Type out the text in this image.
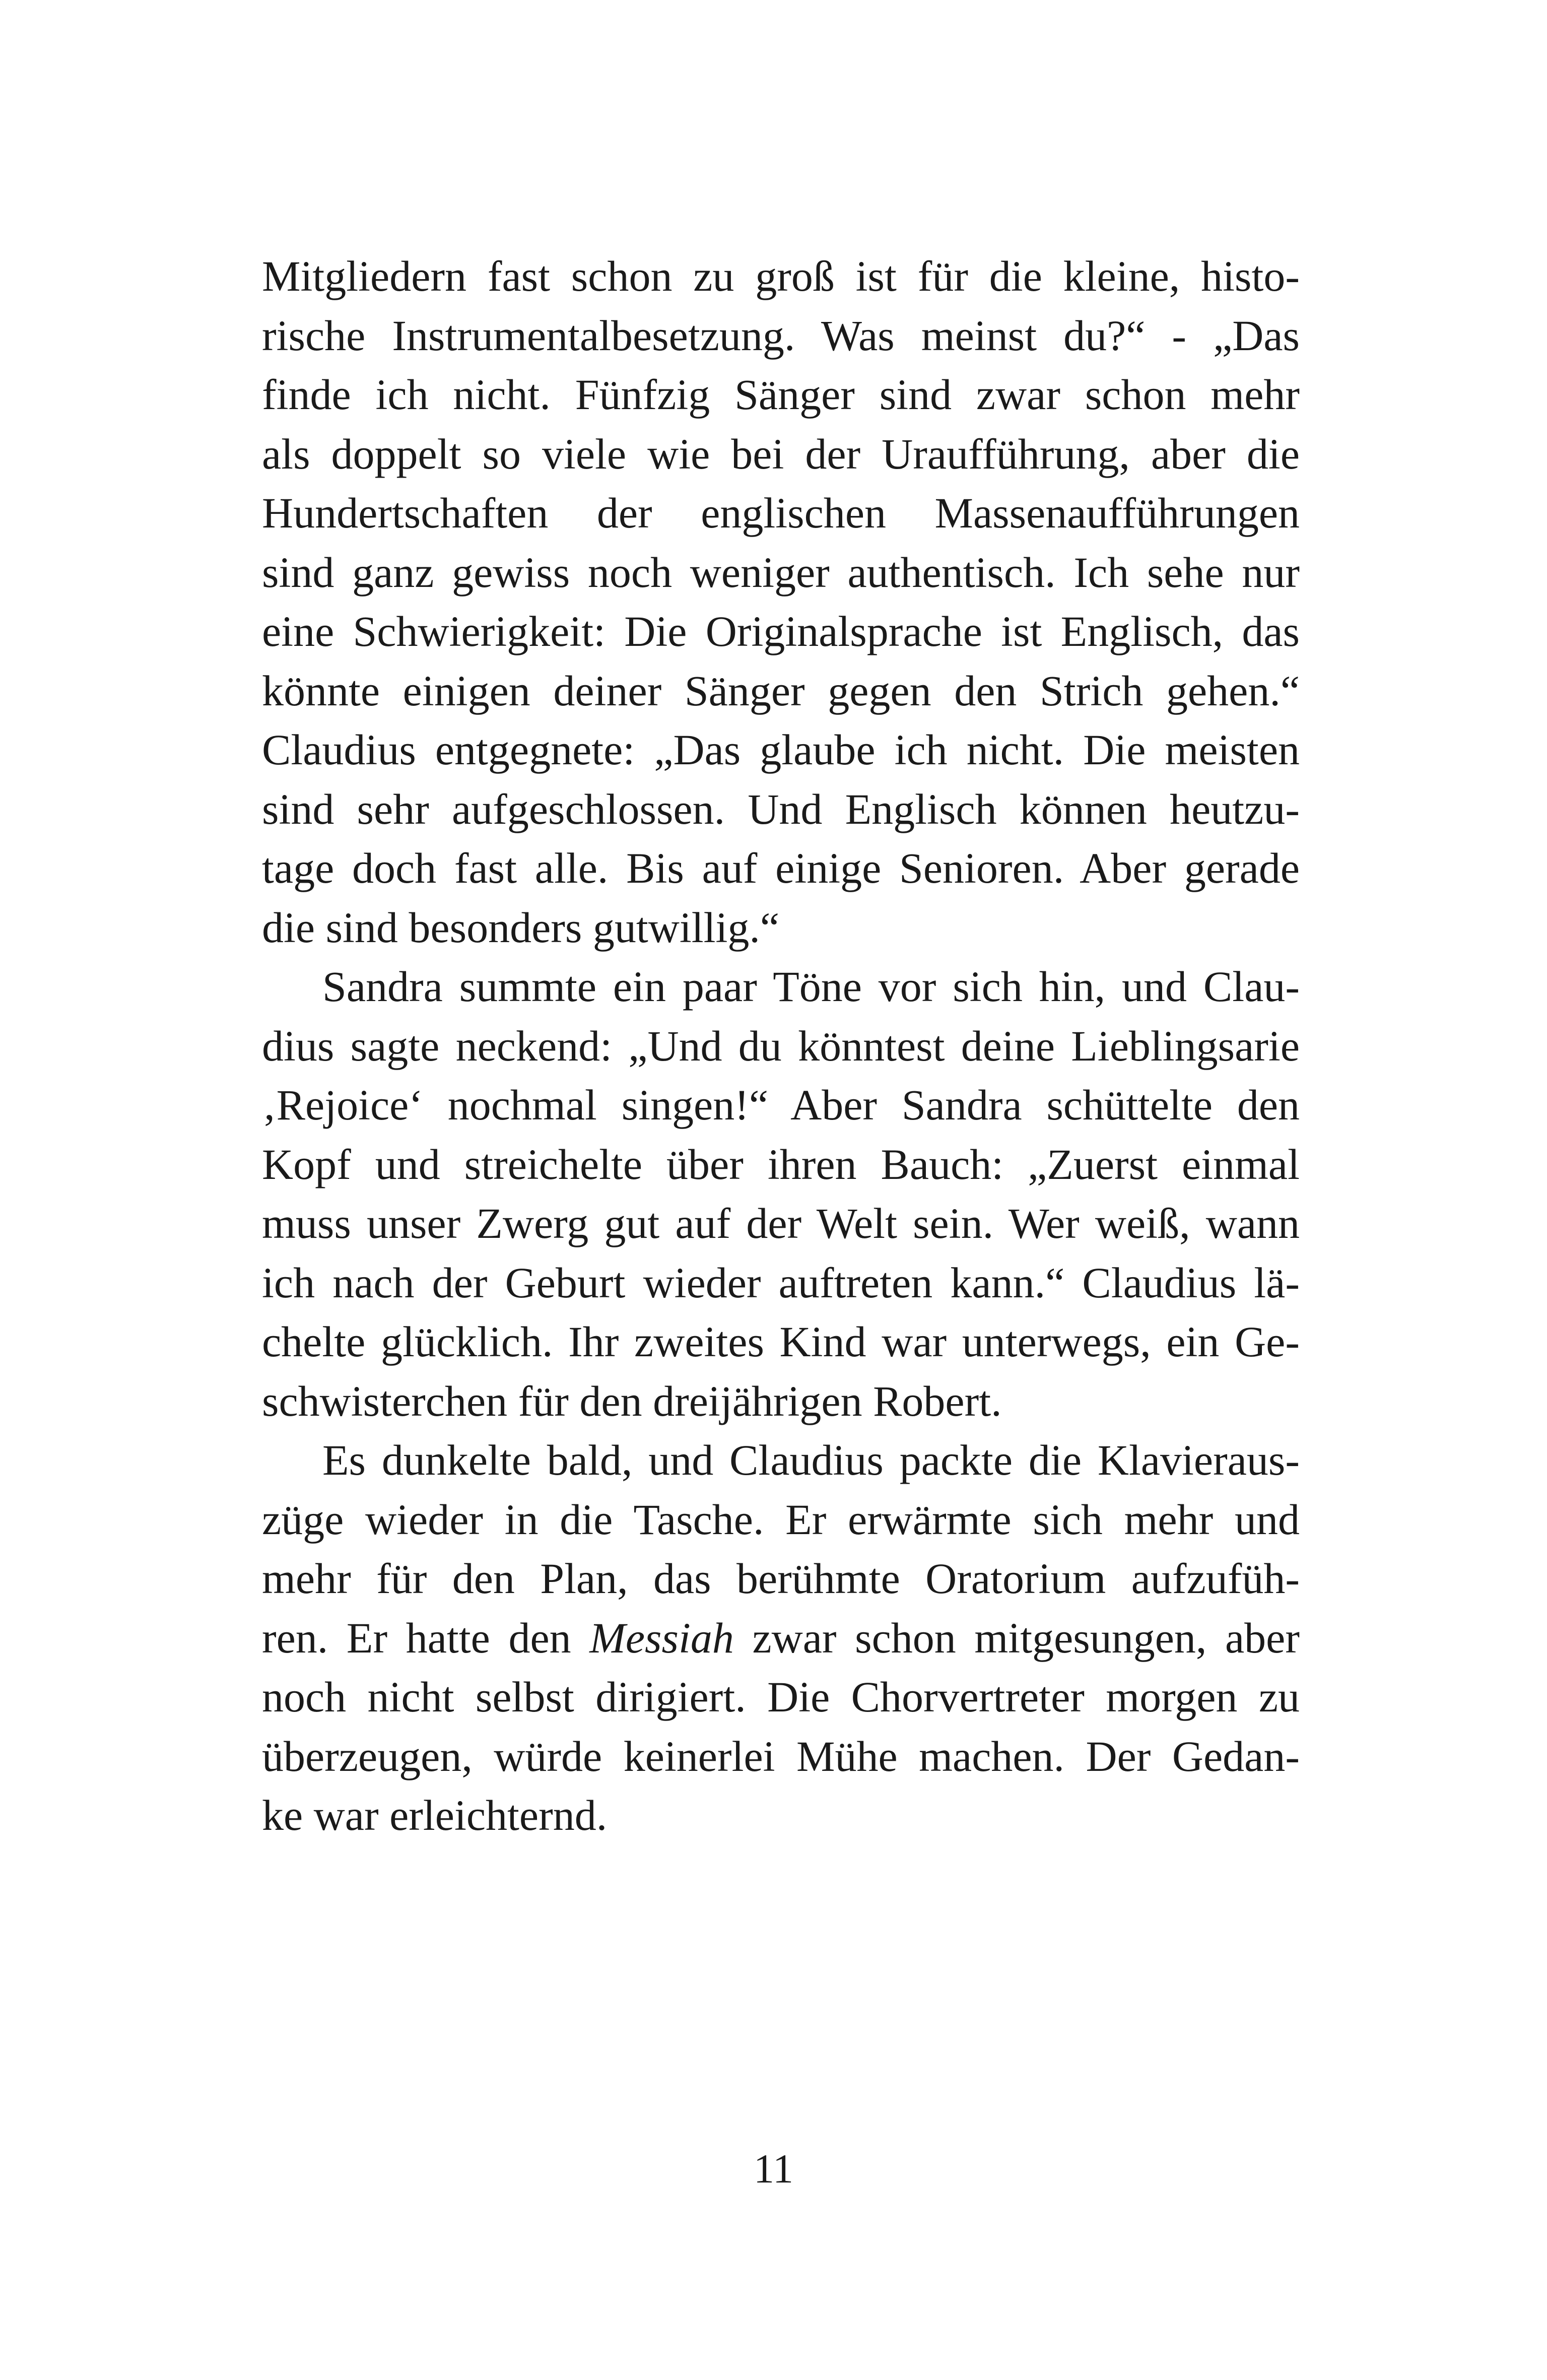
Mitgliedern fast schon zu groß ist für die kleine, histo-
rische Instrumentalbesetzung. Was meinst du?“ - „Das
finde ich nicht. Fünfzig Sänger sind zwar schon mehr
als doppelt so viele wie bei der Uraufführung, aber die
Hundertschaften der englischen Massenaufführungen
sind ganz gewiss noch weniger authentisch. Ich sehe nur
eine Schwierigkeit: Die Originalsprache ist Englisch, das
könnte einigen deiner Sänger gegen den Strich gehen.“
Claudius entgegnete: „Das glaube ich nicht. Die meisten
sind sehr aufgeschlossen. Und Englisch können heutzu-
tage doch fast alle. Bis auf einige Senioren. Aber gerade
die sind besonders gutwillig.“
Sandra summte ein paar Töne vor sich hin, und Clau-
dius sagte neckend: „Und du könntest deine Lieblingsarie
‚Rejoice‘ nochmal singen!“ Aber Sandra schüttelte den
Kopf und streichelte über ihren Bauch: „Zuerst einmal
muss unser Zwerg gut auf der Welt sein. Wer weiß, wann
ich nach der Geburt wieder auftreten kann.“ Claudius lä-
chelte glücklich. Ihr zweites Kind war unterwegs, ein Ge-
schwisterchen für den dreijährigen Robert.
Es dunkelte bald, und Claudius packte die Klavieraus-
züge wieder in die Tasche. Er erwärmte sich mehr und
mehr für den Plan, das berühmte Oratorium aufzufüh-
ren. Er hatte den Messiah zwar schon mitgesungen, aber
noch nicht selbst dirigiert. Die Chorvertreter morgen zu
überzeugen, würde keinerlei Mühe machen. Der Gedan-
ke war erleichternd.
11
